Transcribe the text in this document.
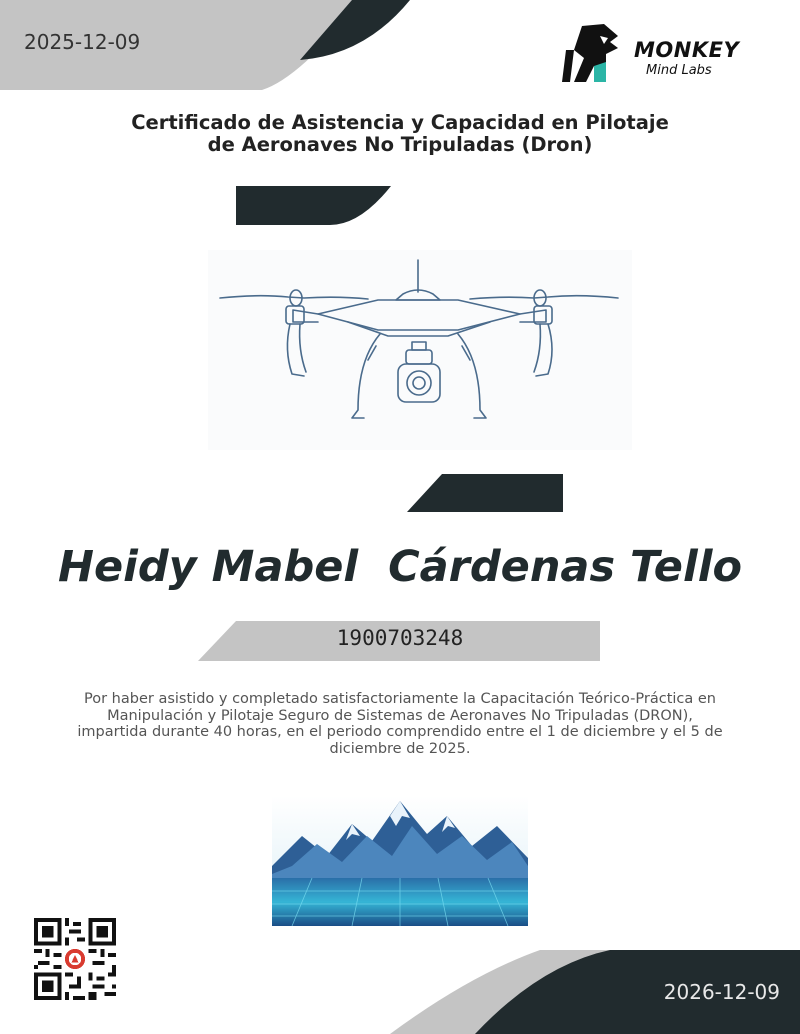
2025-12-09	MONKEY
Mind Labs
Certificado de Asistencia y Capacidad en Pilotaje
de Aeronaves No Tripuladas (Dron)
Heidy Mabel  Cárdenas Tello
1900703248
Por haber asistido y completado satisfactoriamente la Capacitación Teórico-Práctica en Manipulación y Pilotaje Seguro de Sistemas de Aeronaves No Tripuladas (DRON), impartida durante 40 horas, en el periodo comprendido entre el 1 de diciembre y el 5 de diciembre de 2025.
2026-12-09
